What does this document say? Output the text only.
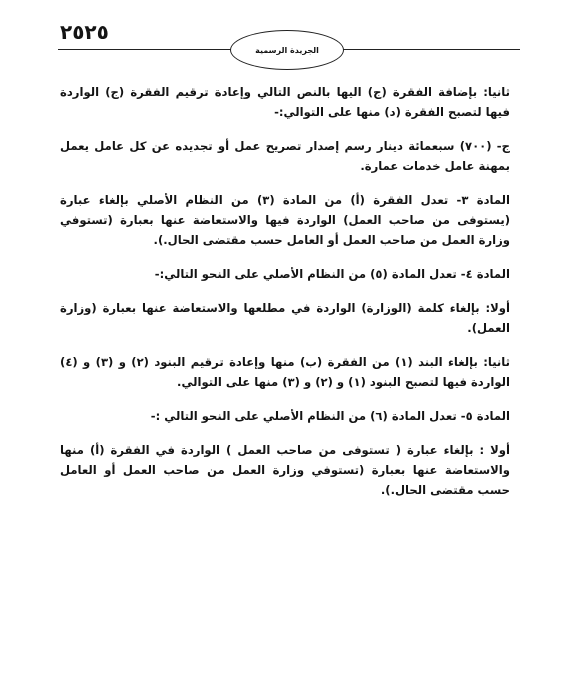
٢٥٢٥
الجريدة الرسمية

ثانيا: بإضافة الفقرة (ج) اليها بالنص التالي وإعادة ترقيم الفقرة (ج) الواردة فيها لتصبح الفقرة (د) منها على التوالي:-

ج- (٧٠٠) سبعمائة دينار رسم إصدار تصريح عمل أو تجديده عن كل عامل يعمل بمهنة عامل خدمات عمارة.

المادة ٣- تعدل الفقرة (أ) من المادة (٣) من النظام الأصلي بإلغاء عبارة (يستوفى من صاحب العمل) الواردة فيها والاستعاضة عنها بعبارة (تستوفي وزارة العمل من صاحب العمل أو العامل حسب مقتضى الحال.).

المادة ٤- تعدل المادة (٥) من النظام الأصلي على النحو التالي:-

أولا: بإلغاء كلمة (الوزارة) الواردة في مطلعها والاستعاضة عنها بعبارة (وزارة العمل).

ثانيا: بإلغاء البند (١) من الفقرة (ب) منها وإعادة ترقيم البنود (٢) و (٣) و (٤) الواردة فيها لتصبح البنود (١) و (٢) و (٣) منها على التوالي.

المادة ٥- تعدل المادة (٦) من النظام الأصلي على النحو التالي :-

أولا : بإلغاء عبارة ( تستوفى من صاحب العمل ) الواردة في الفقرة (أ) منها والاستعاضة عنها بعبارة (تستوفي وزارة العمل من صاحب العمل أو العامل حسب مقتضى الحال.).
